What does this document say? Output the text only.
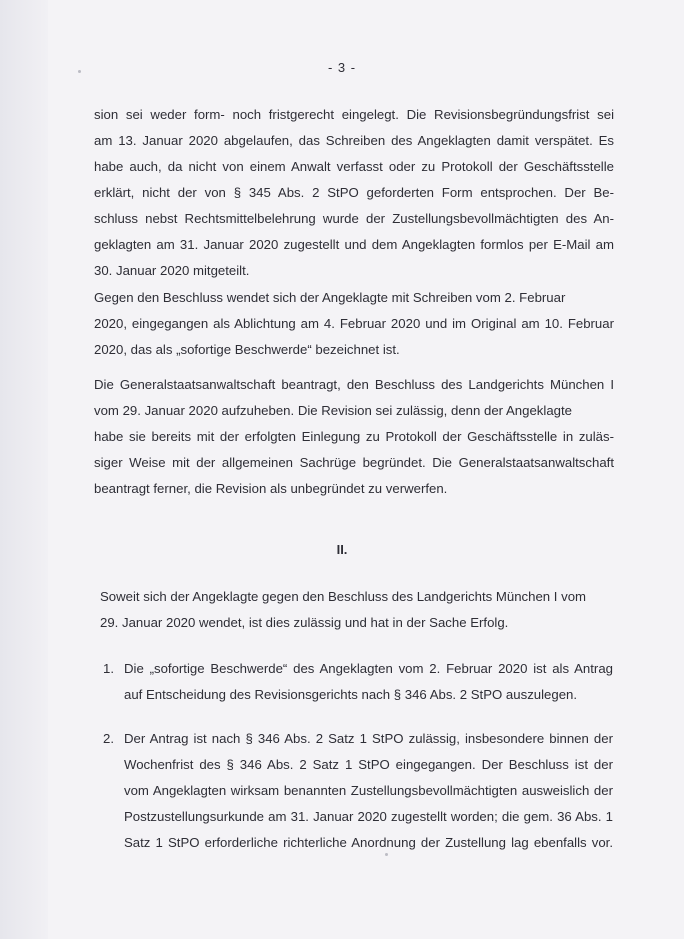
- 3 -
sion sei weder form- noch fristgerecht eingelegt. Die Revisionsbegründungsfrist sei
am 13. Januar 2020 abgelaufen, das Schreiben des Angeklagten damit verspätet. Es
habe auch, da nicht von einem Anwalt verfasst oder zu Protokoll der Geschäftsstelle
erklärt, nicht der von § 345 Abs. 2 StPO geforderten Form entsprochen. Der Be-
schluss nebst Rechtsmittelbelehrung wurde der Zustellungsbevollmächtigten des An-
geklagten am 31. Januar 2020 zugestellt und dem Angeklagten formlos per E-Mail am
30. Januar 2020 mitgeteilt.
Gegen den Beschluss wendet sich der Angeklagte mit Schreiben vom 2. Februar
2020, eingegangen als Ablichtung am 4. Februar 2020 und im Original am 10. Februar
2020, das als „sofortige Beschwerde“ bezeichnet ist.
Die Generalstaatsanwaltschaft beantragt, den Beschluss des Landgerichts München I
vom 29. Januar 2020 aufzuheben. Die Revision sei zulässig, denn der Angeklagte
habe sie bereits mit der erfolgten Einlegung zu Protokoll der Geschäftsstelle in zuläs-
siger Weise mit der allgemeinen Sachrüge begründet. Die Generalstaatsanwaltschaft
beantragt ferner, die Revision als unbegründet zu verwerfen.
II.
Soweit sich der Angeklagte gegen den Beschluss des Landgerichts München I vom
29. Januar 2020 wendet, ist dies zulässig und hat in der Sache Erfolg.
1. Die „sofortige Beschwerde“ des Angeklagten vom 2. Februar 2020 ist als Antrag
auf Entscheidung des Revisionsgerichts nach § 346 Abs. 2 StPO auszulegen.
2. Der Antrag ist nach § 346 Abs. 2 Satz 1 StPO zulässig, insbesondere binnen der
Wochenfrist des § 346 Abs. 2 Satz 1 StPO eingegangen. Der Beschluss ist der
vom Angeklagten wirksam benannten Zustellungsbevollmächtigten ausweislich der
Postzustellungsurkunde am 31. Januar 2020 zugestellt worden; die gem. 36 Abs. 1
Satz 1 StPO erforderliche richterliche Anordnung der Zustellung lag ebenfalls vor.
